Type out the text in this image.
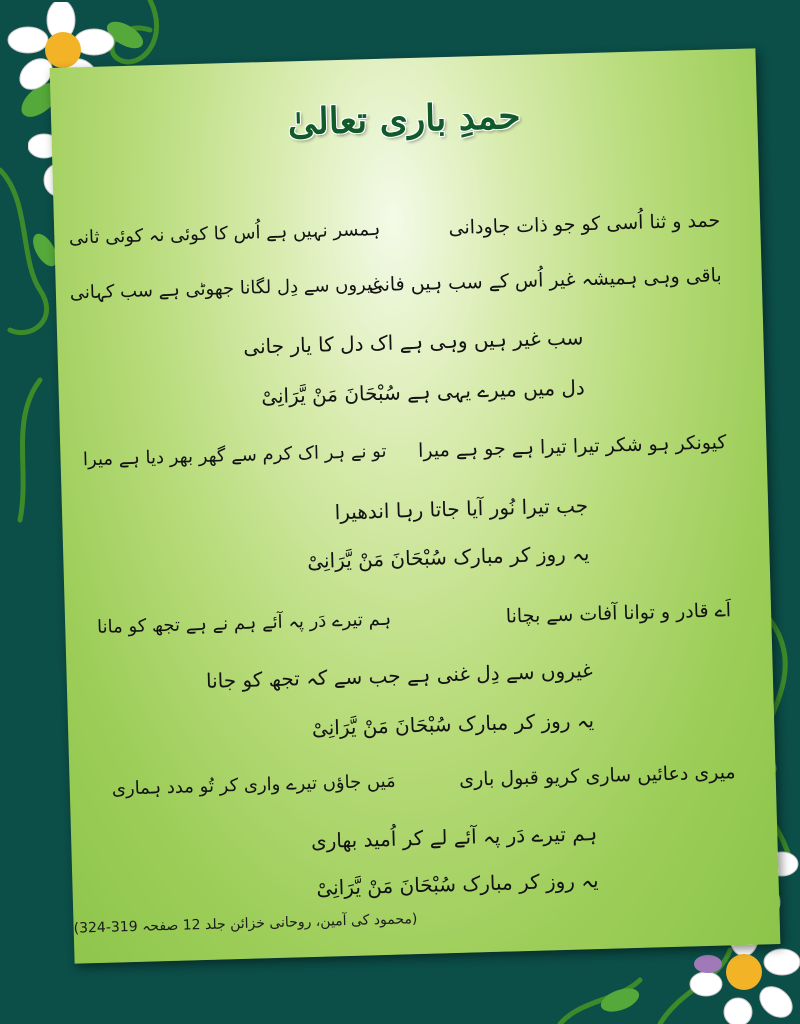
حمدِ باری تعالیٰ
حمد و ثنا اُسی کو جو ذات جاودانی
ہمسر نہیں ہے اُس کا کوئی نہ کوئی ثانی
باقی وہی ہمیشہ غیر اُس کے سب ہیں فانی
غیروں سے دِل لگانا جھوٹی ہے سب کہانی
سب غیر ہیں وہی ہے اک دل کا یار جانی
دل میں میرے یہی ہے سُبْحَانَ مَنْ یَّرَانِیْ
کیونکر ہو شکر تیرا تیرا ہے جو ہے میرا
تو نے ہر اک کرم سے گھر بھر دیا ہے میرا
جب تیرا نُور آیا جاتا رہا اندھیرا
یہ روز کر مبارک سُبْحَانَ مَنْ یَّرَانِیْ
اَے قادر و توانا آفات سے بچانا
ہم تیرے دَر پہ آئے ہم نے ہے تجھ کو مانا
غیروں سے دِل غنی ہے جب سے کہ تجھ کو جانا
یہ روز کر مبارک سُبْحَانَ مَنْ یَّرَانِیْ
میری دعائیں ساری کریو قبول باری
مَیں جاؤں تیرے واری کر تُو مدد ہماری
ہم تیرے دَر پہ آئے لے کر اُمید بھاری
یہ روز کر مبارک سُبْحَانَ مَنْ یَّرَانِیْ
(محمود کی آمین، روحانی خزائن جلد 12 صفحہ 319-324)
